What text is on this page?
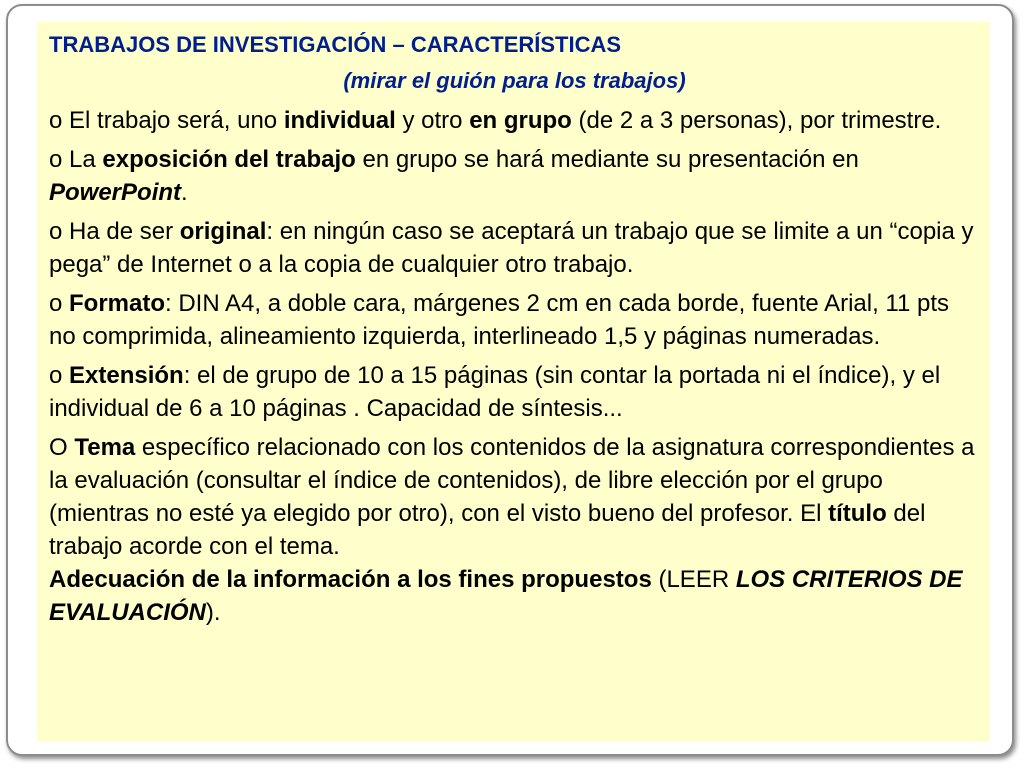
TRABAJOS DE INVESTIGACIÓN – CARACTERÍSTICAS
(mirar el guión para los trabajos)
o El trabajo será, uno individual y otro en grupo (de 2 a 3 personas), por trimestre.
o La exposición del trabajo en grupo se hará mediante su presentación en PowerPoint.
o Ha de ser original: en ningún caso se aceptará un trabajo que se limite a un “copia y pega” de Internet o a la copia de cualquier otro trabajo.
o Formato: DIN A4, a doble cara, márgenes 2 cm en cada borde, fuente Arial, 11 pts no comprimida, alineamiento izquierda, interlineado 1,5 y páginas numeradas.
o Extensión: el de grupo de 10 a 15 páginas (sin contar la portada ni el índice), y el individual de 6 a 10 páginas . Capacidad de síntesis...
O Tema específico relacionado con los contenidos de la asignatura correspondientes a la evaluación (consultar el índice de contenidos), de libre elección por el grupo (mientras no esté ya elegido por otro), con el visto bueno del profesor. El título del trabajo acorde con el tema.
Adecuación de la información a los fines propuestos (LEER LOS CRITERIOS DE EVALUACIÓN).
